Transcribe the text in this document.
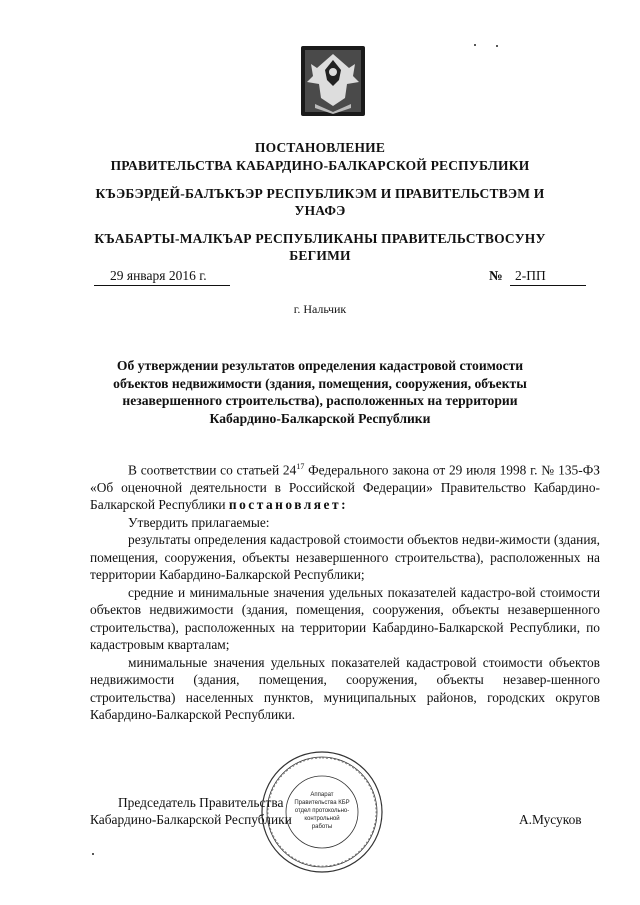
ПОСТАНОВЛЕНИЕ
ПРАВИТЕЛЬСТВА КАБАРДИНО-БАЛКАРСКОЙ РЕСПУБЛИКИ
КЪЭБЭРДЕЙ-БАЛЪКЪЭР РЕСПУБЛИКЭМ И ПРАВИТЕЛЬСТВЭМ И
УНАФЭ
КЪАБАРТЫ-МАЛКЪАР РЕСПУБЛИКАНЫ ПРАВИТЕЛЬСТВОСУНУ
БЕГИМИ
29 января 2016 г.	№ 2-ПП
г. Нальчик
Об утверждении результатов определения кадастровой стоимости
объектов недвижимости (здания, помещения, сооружения, объекты
незавершенного строительства), расположенных на территории
Кабардино-Балкарской Республики

В соответствии со статьей $24^{17}$ Федерального закона от 29 июля 1998 г. № 135-ФЗ «Об оценочной деятельности в Российской Федерации» Правительство Кабардино-Балкарской Республики постановляет:

Утвердить прилагаемые:

результаты определения кадастровой стоимости объектов недви-жимости (здания, помещения, сооружения, объекты незавершенного строительства), расположенных на территории Кабардино-Балкарской Республики;

средние и минимальные значения удельных показателей кадастро-вой стоимости объектов недвижимости (здания, помещения, сооружения, объекты незавершенного строительства), расположенных на территории Кабардино-Балкарской Республики, по кадастровым кварталам;

минимальные значения удельных показателей кадастровой стоимости объектов недвижимости (здания, помещения, сооружения, объекты незавер-шенного строительства) населенных пунктов, муниципальных районов, городских округов Кабардино-Балкарской Республики.

Аппарат
Правительства КБР
отдел протокольно-
контрольной
работы
Председатель Правительства
Кабардино-Балкарской Республики	А.Мусуков
